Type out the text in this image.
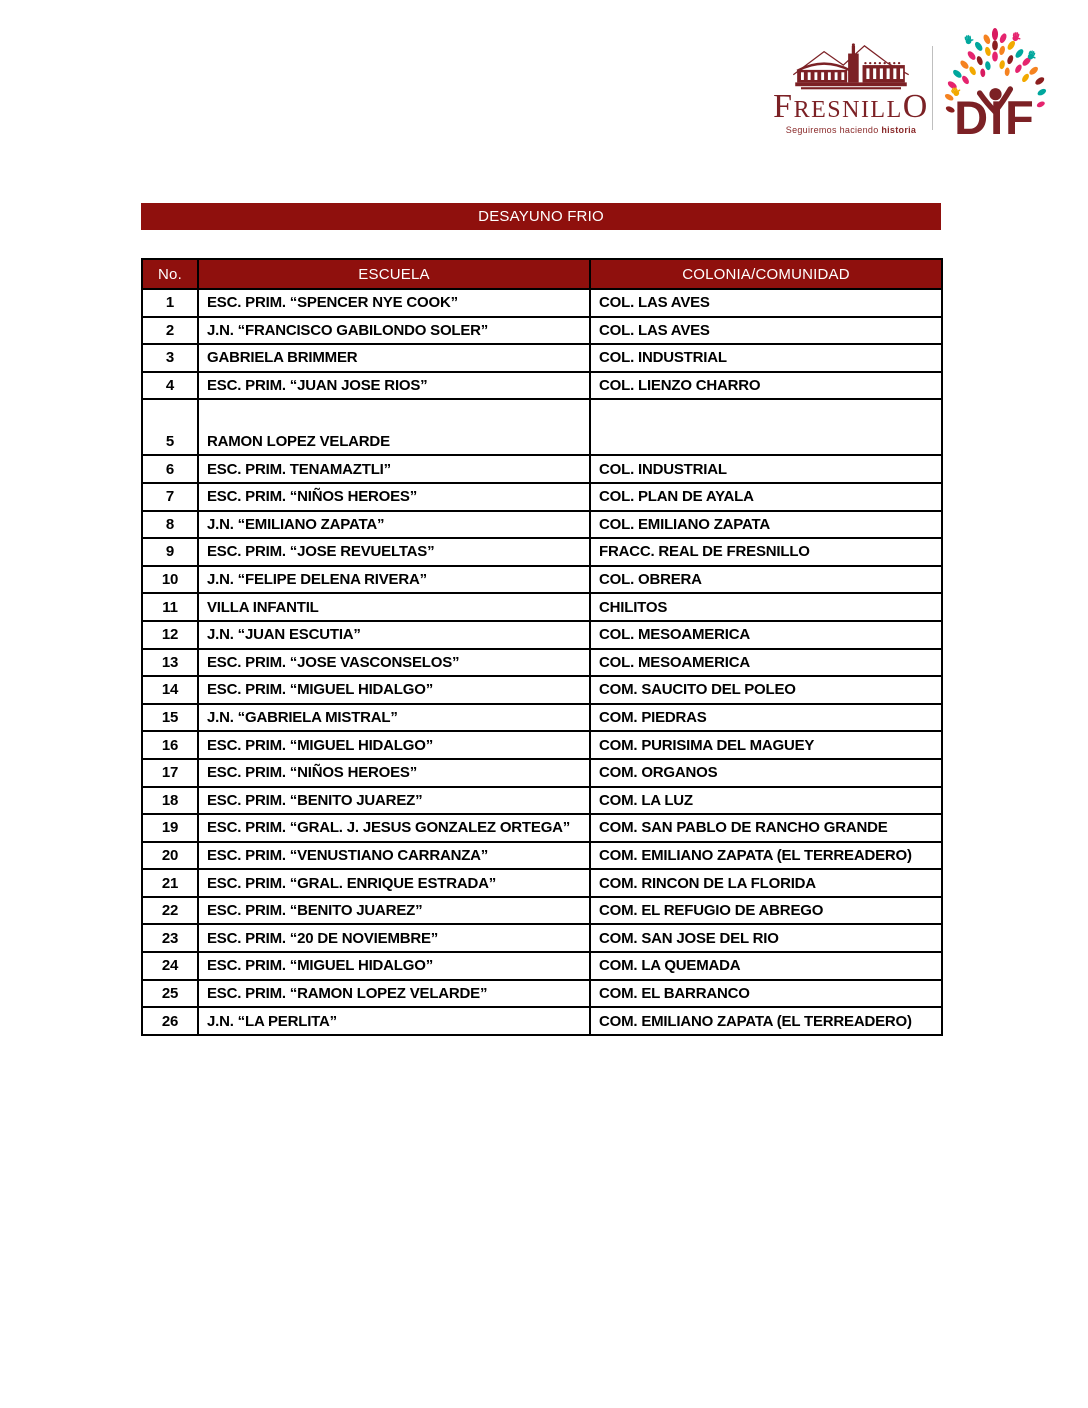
F RESNILL O
Seguiremos haciendo historia DIF
DESAYUNO FRIO
No.	ESCUELA	COLONIA/COMUNIDAD
1	ESC. PRIM. “SPENCER NYE COOK”	COL. LAS AVES
2	J.N. “FRANCISCO GABILONDO SOLER”	COL. LAS AVES
3	GABRIELA BRIMMER	COL. INDUSTRIAL
4	ESC. PRIM. “JUAN JOSE RIOS”	COL. LIENZO CHARRO
5	RAMON LOPEZ VELARDE	
6	ESC. PRIM. TENAMAZTLI”	COL. INDUSTRIAL
7	ESC. PRIM. “NIÑOS HEROES”	COL. PLAN DE AYALA
8	J.N. “EMILIANO ZAPATA”	COL. EMILIANO ZAPATA
9	ESC. PRIM. “JOSE REVUELTAS”	FRACC. REAL DE FRESNILLO
10	J.N. “FELIPE DELENA RIVERA”	COL. OBRERA
11	VILLA INFANTIL	CHILITOS
12	J.N. “JUAN ESCUTIA”	COL. MESOAMERICA
13	ESC. PRIM. “JOSE VASCONSELOS”	COL. MESOAMERICA
14	ESC. PRIM. “MIGUEL HIDALGO”	COM. SAUCITO DEL POLEO
15	J.N. “GABRIELA MISTRAL”	COM. PIEDRAS
16	ESC. PRIM. “MIGUEL HIDALGO”	COM. PURISIMA DEL MAGUEY
17	ESC. PRIM. “NIÑOS HEROES”	COM. ORGANOS
18	ESC. PRIM. “BENITO JUAREZ”	COM. LA LUZ
19	ESC. PRIM. “GRAL. J. JESUS GONZALEZ ORTEGA”	COM. SAN PABLO DE RANCHO GRANDE
20	ESC. PRIM. “VENUSTIANO CARRANZA”	COM. EMILIANO ZAPATA (EL TERREADERO)
21	ESC. PRIM. “GRAL. ENRIQUE ESTRADA”	COM. RINCON DE LA FLORIDA
22	ESC. PRIM. “BENITO JUAREZ”	COM. EL REFUGIO DE ABREGO
23	ESC. PRIM. “20 DE NOVIEMBRE”	COM. SAN JOSE DEL RIO
24	ESC. PRIM. “MIGUEL HIDALGO”	COM. LA QUEMADA
25	ESC. PRIM. “RAMON LOPEZ VELARDE”	COM. EL BARRANCO
26	J.N. “LA PERLITA”	COM. EMILIANO ZAPATA (EL TERREADERO)
